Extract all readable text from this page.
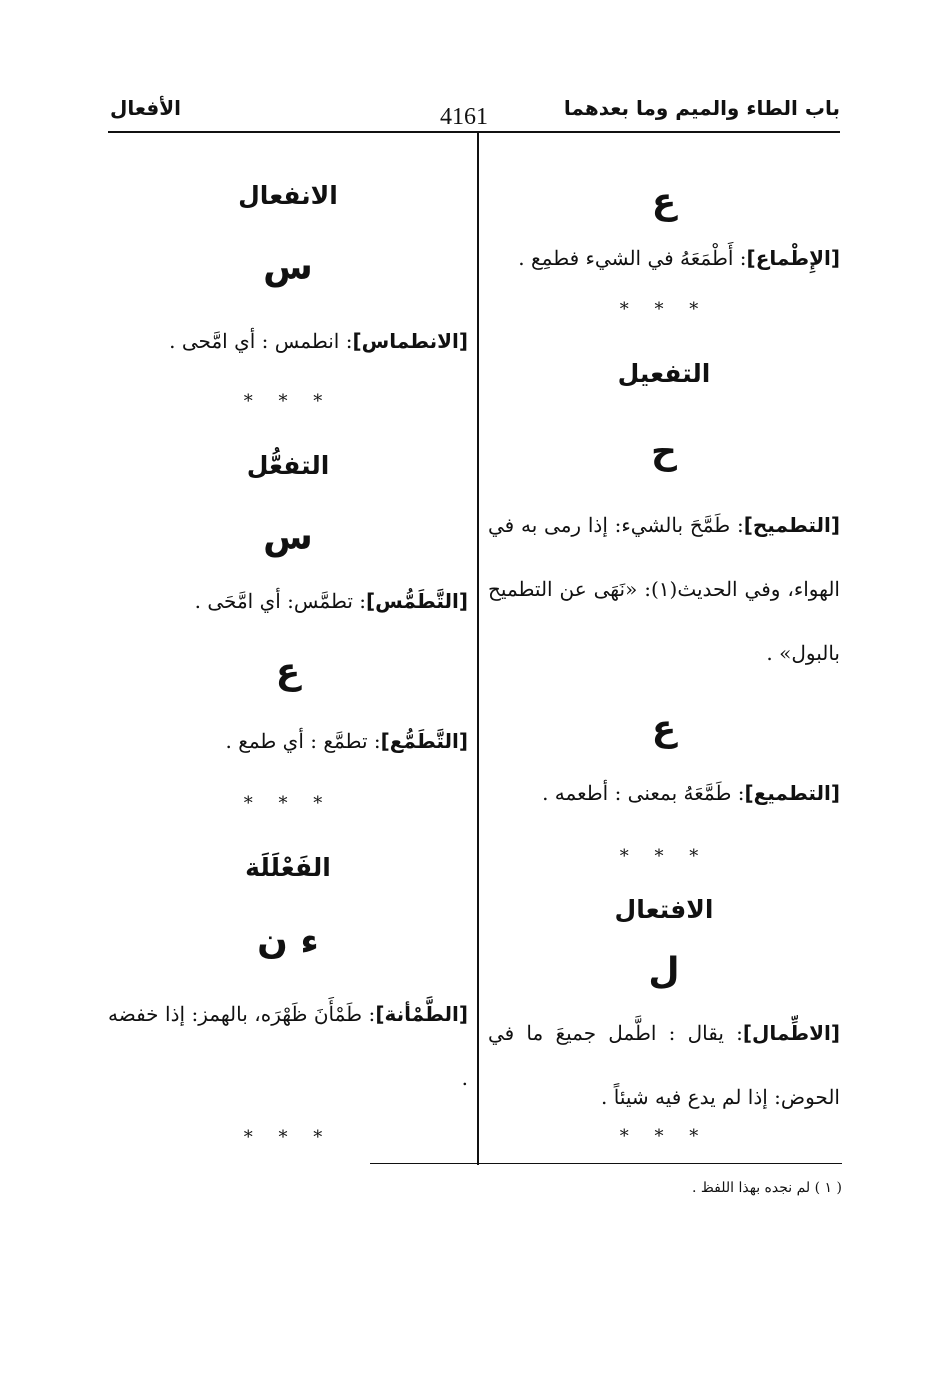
باب الطاء والميم وما بعدهما
4161
الأفعال
ع
[الإِطْماع]: أَطْمَعَهُ في الشيء فطمِع .
* * *
التفعيل
ح
[التطميح]: طَمَّحَ بالشيء: إذا رمى به في الهواء، وفي الحديث(١): «نَهَى عن التطميح بالبول» .
ع
[التطميع]: طَمَّعَهُ بمعنى : أطعمه .
* * *
الافتعال
ل
[الاطِّمال]: يقال : اطَّمل جميعَ ما في الحوض: إذا لم يدع فيه شيئاً .
* * *
الانفعال
س
[الانطماس]: انطمس : أي امَّحى .
* * *
التفعُّل
س
[التَّطَمُّس]: تطمَّس: أي امَّحَى .
ع
[التَّطَمُّع]: تطمَّع : أي طمع .
* * *
الفَعْلَلَة
ء ن
[الطَّمْأنة]: طَمْأَنَ ظَهْرَه، بالهمز: إذا خفضه .
* * *
( ١ ) لم نجده بهذا اللفظ .
